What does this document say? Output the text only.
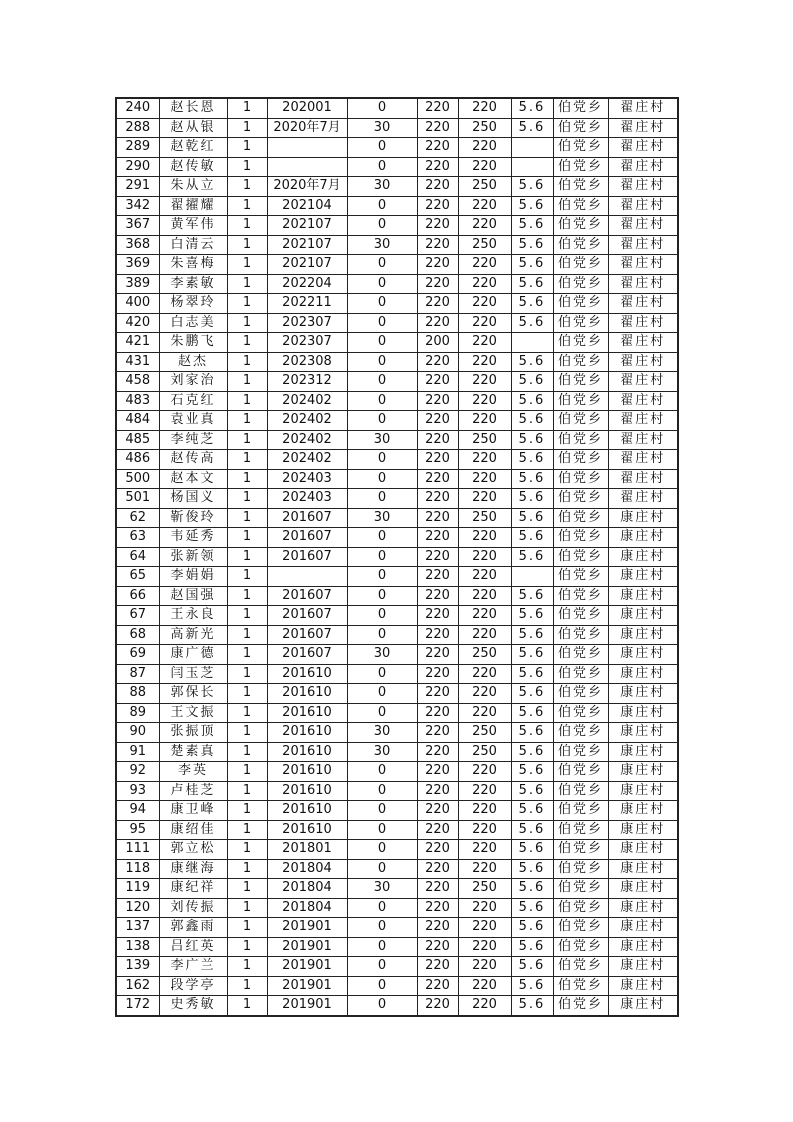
240	赵长恩	1	202001	0	220	220	5.6	伯党乡	翟庄村
288	赵从银	1	2020年7月	30	220	250	5.6	伯党乡	翟庄村
289	赵乾红	1		0	220	220		伯党乡	翟庄村
290	赵传敏	1		0	220	220		伯党乡	翟庄村
291	朱从立	1	2020年7月	30	220	250	5.6	伯党乡	翟庄村
342	翟擢耀	1	202104	0	220	220	5.6	伯党乡	翟庄村
367	黄军伟	1	202107	0	220	220	5.6	伯党乡	翟庄村
368	白清云	1	202107	30	220	250	5.6	伯党乡	翟庄村
369	朱喜梅	1	202107	0	220	220	5.6	伯党乡	翟庄村
389	李素敏	1	202204	0	220	220	5.6	伯党乡	翟庄村
400	杨翠玲	1	202211	0	220	220	5.6	伯党乡	翟庄村
420	白志美	1	202307	0	220	220	5.6	伯党乡	翟庄村
421	朱鹏飞	1	202307	0	200	220		伯党乡	翟庄村
431	赵杰	1	202308	0	220	220	5.6	伯党乡	翟庄村
458	刘家治	1	202312	0	220	220	5.6	伯党乡	翟庄村
483	石克红	1	202402	0	220	220	5.6	伯党乡	翟庄村
484	袁业真	1	202402	0	220	220	5.6	伯党乡	翟庄村
485	李纯芝	1	202402	30	220	250	5.6	伯党乡	翟庄村
486	赵传高	1	202402	0	220	220	5.6	伯党乡	翟庄村
500	赵本文	1	202403	0	220	220	5.6	伯党乡	翟庄村
501	杨国义	1	202403	0	220	220	5.6	伯党乡	翟庄村
62	靳俊玲	1	201607	30	220	250	5.6	伯党乡	康庄村
63	韦延秀	1	201607	0	220	220	5.6	伯党乡	康庄村
64	张新领	1	201607	0	220	220	5.6	伯党乡	康庄村
65	李娟娟	1		0	220	220		伯党乡	康庄村
66	赵国强	1	201607	0	220	220	5.6	伯党乡	康庄村
67	王永良	1	201607	0	220	220	5.6	伯党乡	康庄村
68	高新光	1	201607	0	220	220	5.6	伯党乡	康庄村
69	康广德	1	201607	30	220	250	5.6	伯党乡	康庄村
87	闫玉芝	1	201610	0	220	220	5.6	伯党乡	康庄村
88	郭保长	1	201610	0	220	220	5.6	伯党乡	康庄村
89	王文振	1	201610	0	220	220	5.6	伯党乡	康庄村
90	张振顶	1	201610	30	220	250	5.6	伯党乡	康庄村
91	楚素真	1	201610	30	220	250	5.6	伯党乡	康庄村
92	李英	1	201610	0	220	220	5.6	伯党乡	康庄村
93	卢桂芝	1	201610	0	220	220	5.6	伯党乡	康庄村
94	康卫峰	1	201610	0	220	220	5.6	伯党乡	康庄村
95	康绍佳	1	201610	0	220	220	5.6	伯党乡	康庄村
111	郭立松	1	201801	0	220	220	5.6	伯党乡	康庄村
118	康继海	1	201804	0	220	220	5.6	伯党乡	康庄村
119	康纪祥	1	201804	30	220	250	5.6	伯党乡	康庄村
120	刘传振	1	201804	0	220	220	5.6	伯党乡	康庄村
137	郭鑫雨	1	201901	0	220	220	5.6	伯党乡	康庄村
138	吕红英	1	201901	0	220	220	5.6	伯党乡	康庄村
139	李广兰	1	201901	0	220	220	5.6	伯党乡	康庄村
162	段学亭	1	201901	0	220	220	5.6	伯党乡	康庄村
172	史秀敏	1	201901	0	220	220	5.6	伯党乡	康庄村
